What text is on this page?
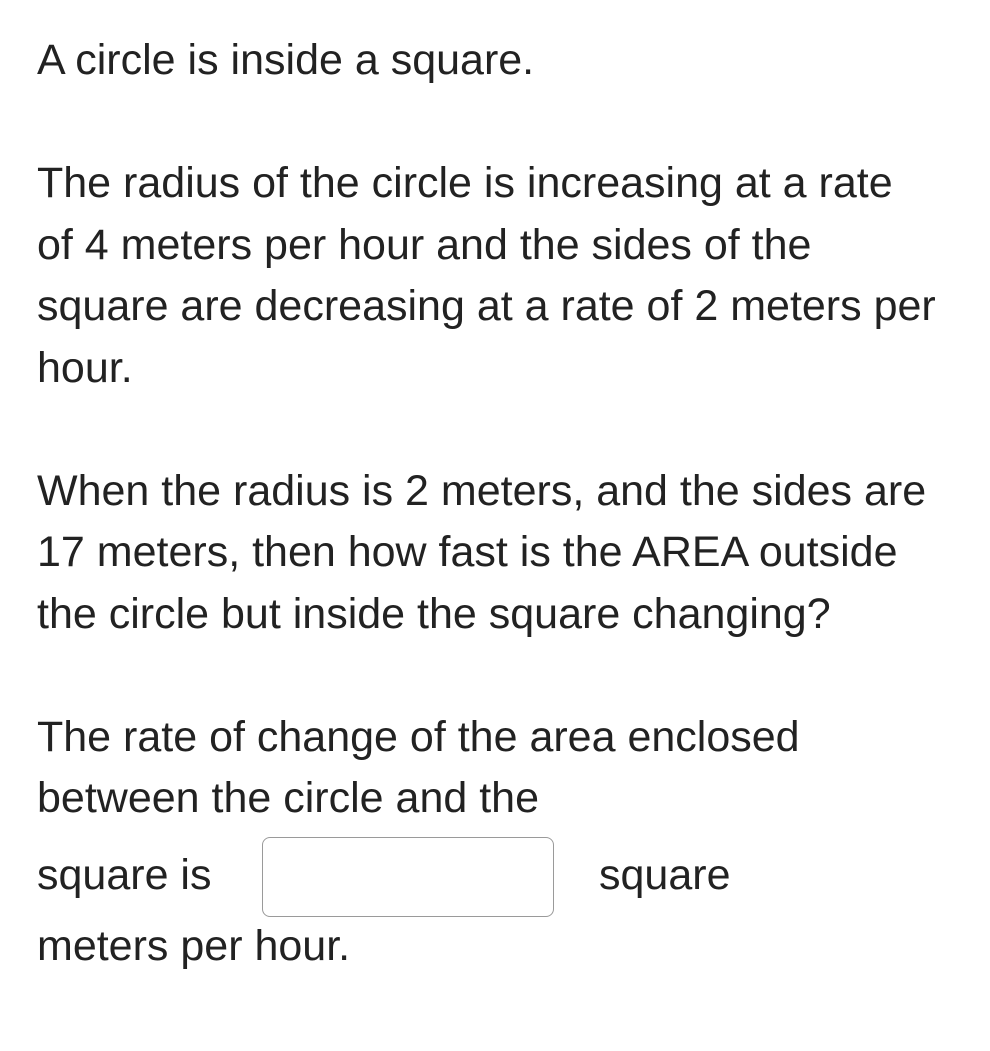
A circle is inside a square.

The radius of the circle is increasing at a rate of 4 meters per hour and the sides of the square are decreasing at a rate of 2 meters per hour.

When the radius is 2 meters, and the sides are 17 meters, then how fast is the AREA outside the circle but inside the square changing?

The rate of change of the area enclosed between the circle and the
square is	square
meters per hour.
